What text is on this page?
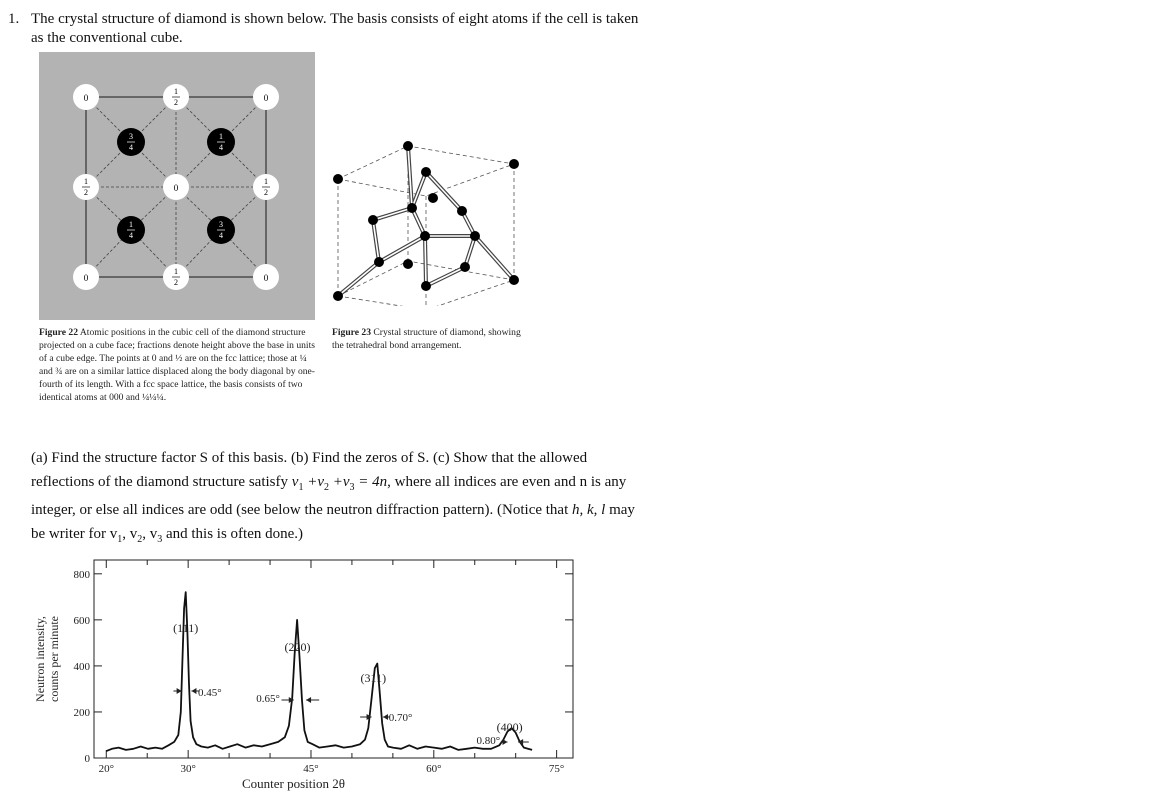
1. The crystal structure of diamond is shown below. The basis consists of eight atoms if the cell is taken as the conventional cube.
0	0
0	0
0
1
2
1
2
1
2
1
2
3
4
1
4
1
4
3
4
Figure 22 Atomic positions in the cubic cell of the diamond structure projected on a cube face; fractions denote height above the base in units of a cube edge. The points at 0 and ½ are on the fcc lattice; those at ¼ and ¾ are on a similar lattice displaced along the body diagonal by one-fourth of its length. With a fcc space lattice, the basis consists of two identical atoms at 000 and ¼¼¼.
Figure 23 Crystal structure of diamond, showing the tetrahedral bond arrangement.
(a) Find the structure factor S of this basis. (b) Find the zeros of S. (c) Show that the allowed reflections of the diamond structure satisfy $v_1 +v_2 +v_3 = 4n$, where all indices are even and n is any integer, or else all indices are odd (see below the neutron diffraction pattern). (Notice that h, k, l may be writer for $v_1$, $v_2$, $v_3$ and this is often done.)
20°	30°	45°	60°	75°
0
200
400
600
800
Counter position 2θ
Neutron intensity, counts per minute	(111)
0.45°
(220)
0.65°
(311)
0.70°
(400)
0.80°
